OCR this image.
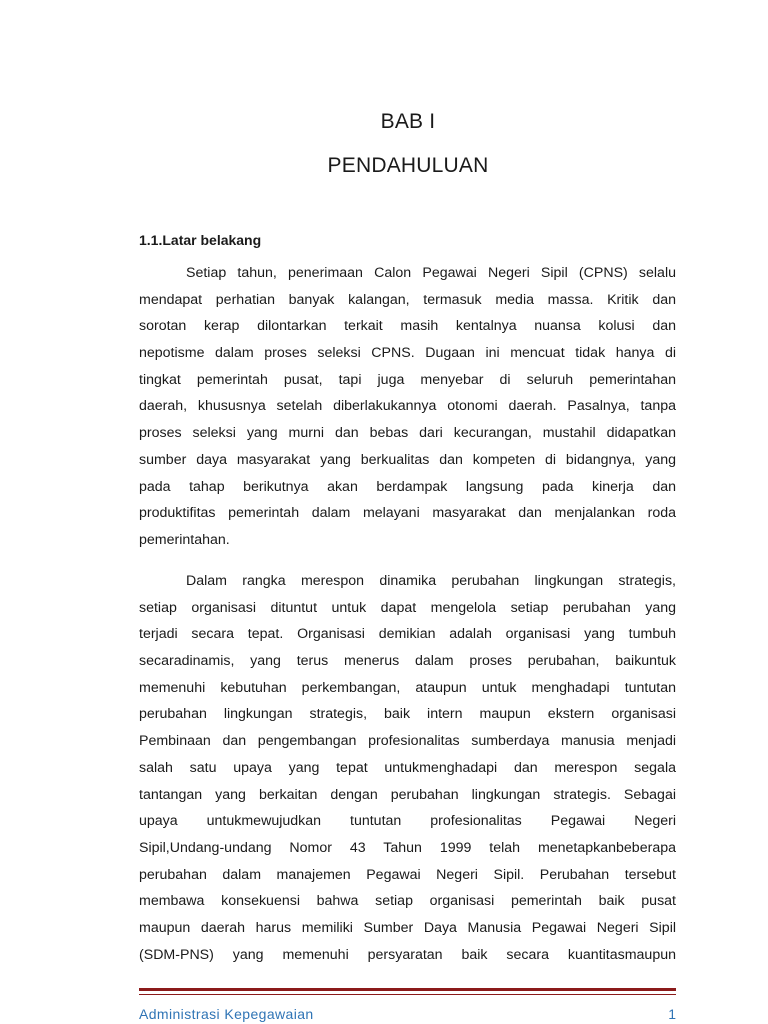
BAB I
PENDAHULUAN
1.1.Latar belakang
Setiap tahun, penerimaan Calon Pegawai Negeri Sipil (CPNS) selalu
mendapat perhatian banyak kalangan, termasuk media massa. Kritik dan
sorotan kerap dilontarkan terkait masih kentalnya nuansa kolusi dan
nepotisme dalam proses seleksi CPNS. Dugaan ini mencuat tidak hanya di
tingkat pemerintah pusat, tapi juga menyebar di seluruh pemerintahan
daerah, khususnya setelah diberlakukannya otonomi daerah. Pasalnya, tanpa
proses seleksi yang murni dan bebas dari kecurangan, mustahil didapatkan
sumber daya masyarakat yang berkualitas dan kompeten di bidangnya, yang
pada tahap berikutnya akan berdampak langsung pada kinerja dan
produktifitas pemerintah dalam melayani masyarakat dan menjalankan roda
pemerintahan.
Dalam rangka merespon dinamika perubahan lingkungan strategis,
setiap organisasi dituntut untuk dapat mengelola setiap perubahan yang
terjadi secara tepat. Organisasi demikian adalah organisasi yang tumbuh
secaradinamis, yang terus menerus dalam proses perubahan, baikuntuk
memenuhi kebutuhan perkembangan, ataupun untuk menghadapi tuntutan
perubahan lingkungan strategis, baik intern maupun ekstern organisasi
Pembinaan dan pengembangan profesionalitas sumberdaya manusia menjadi
salah satu upaya yang tepat untukmenghadapi dan merespon segala
tantangan yang berkaitan dengan perubahan lingkungan strategis. Sebagai
upaya untukmewujudkan tuntutan profesionalitas Pegawai Negeri
Sipil,Undang-undang Nomor 43 Tahun 1999 telah menetapkanbeberapa
perubahan dalam manajemen Pegawai Negeri Sipil. Perubahan tersebut
membawa konsekuensi bahwa setiap organisasi pemerintah baik pusat
maupun daerah harus memiliki Sumber Daya Manusia Pegawai Negeri Sipil
(SDM-PNS) yang memenuhi persyaratan baik secara kuantitasmaupun
Administrasi Kepegawaian	1
